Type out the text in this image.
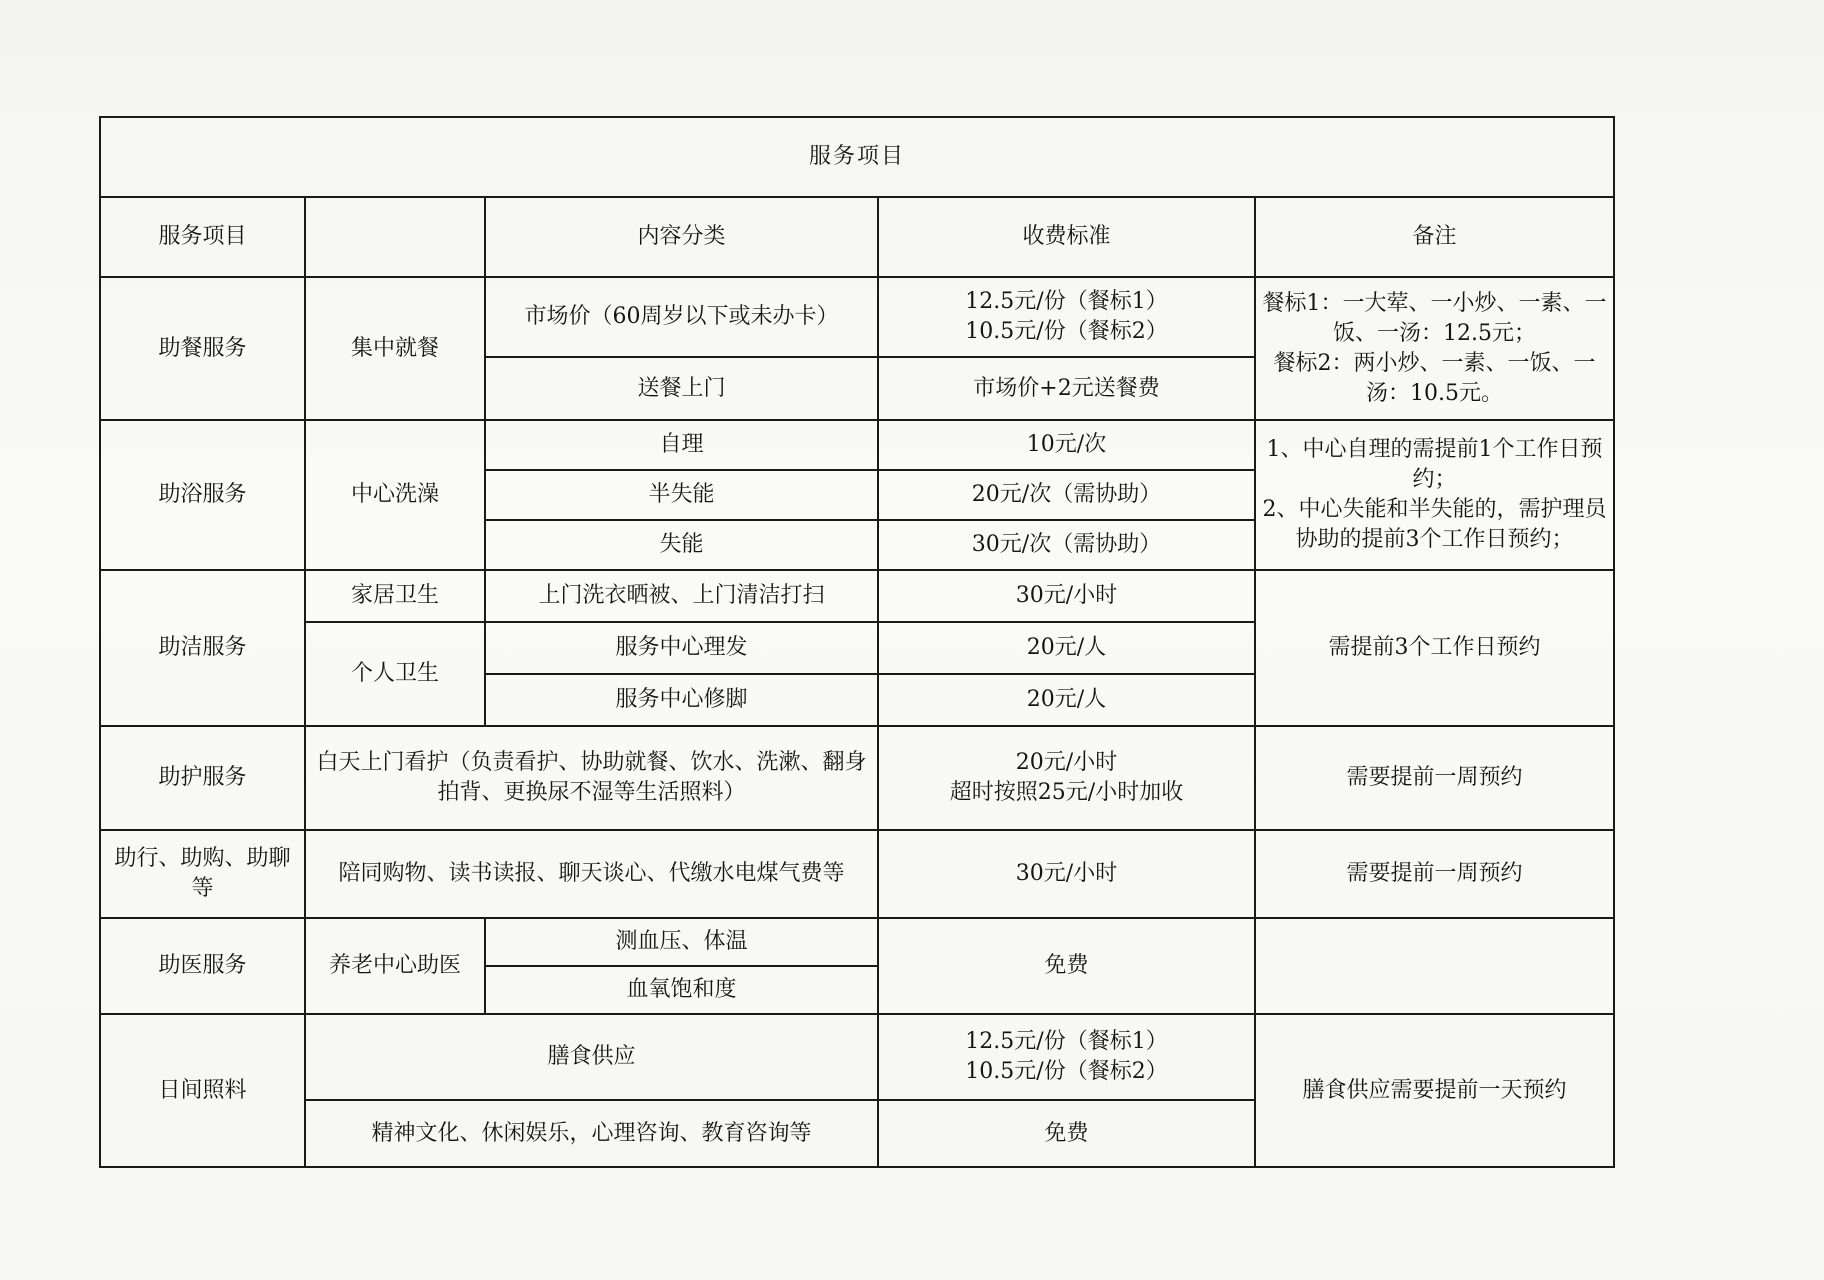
服务项目				
服务项目		内容分类	收费标准	备注
助餐服务	集中就餐	市场价（60周岁以下或未办卡）	12.5元/份（餐标1）
10.5元/份（餐标2）	餐标1：一大荤、一小炒、一素、一饭、一汤：12.5元；
餐标2：两小炒、一素、一饭、一汤：10.5元。
		送餐上门	市场价+2元送餐费	
助浴服务	中心洗澡	自理	10元/次	1、中心自理的需提前1个工作日预约；
2、中心失能和半失能的，需护理员协助的提前3个工作日预约；
		半失能	20元/次（需协助）	
		失能	30元/次（需协助）	
助洁服务	家居卫生	上门洗衣晒被、上门清洁打扫	30元/小时	需提前3个工作日预约
	个人卫生	服务中心理发	20元/人	
		服务中心修脚	20元/人	
助护服务	白天上门看护（负责看护、协助就餐、饮水、洗漱、翻身拍背、更换尿不湿等生活照料）		20元/小时
超时按照25元/小时加收	需要提前一周预约
助行、助购、助聊等	陪同购物、读书读报、聊天谈心、代缴水电煤气费等		30元/小时	需要提前一周预约
助医服务	养老中心助医	测血压、体温	免费	
		血氧饱和度		
日间照料	膳食供应		12.5元/份（餐标1）
10.5元/份（餐标2）	膳食供应需要提前一天预约
	精神文化、休闲娱乐，心理咨询、教育咨询等		免费	
